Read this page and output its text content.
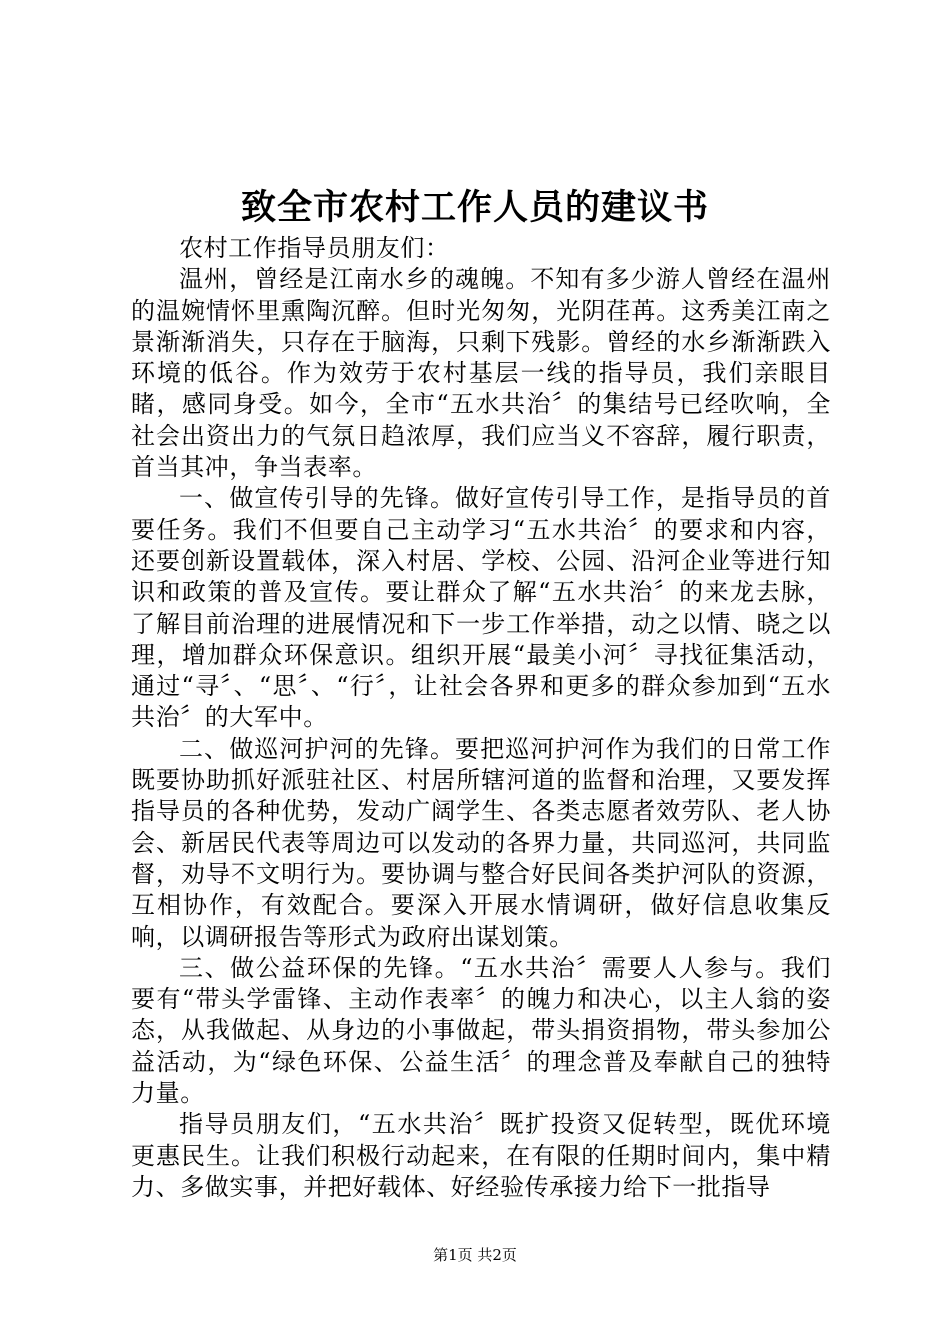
致全市农村工作人员的建议书

农村工作指导员朋友们：

温州，曾经是江南水乡的魂魄。不知有多少游人曾经在温州的温婉情怀里熏陶沉醉。但时光匆匆，光阴荏苒。这秀美江南之景渐渐消失，只存在于脑海，只剩下残影。曾经的水乡渐渐跌入环境的低谷。作为效劳于农村基层一线的指导员，我们亲眼目睹，感同身受。如今，全市“五水共治〞的集结号已经吹响，全社会出资出力的气氛日趋浓厚，我们应当义不容辞，履行职责，首当其冲，争当表率。

一、做宣传引导的先锋。做好宣传引导工作，是指导员的首要任务。我们不但要自己主动学习“五水共治〞的要求和内容，还要创新设置载体，深入村居、学校、公园、沿河企业等进行知识和政策的普及宣传。要让群众了解“五水共治〞的来龙去脉，了解目前治理的进展情况和下一步工作举措，动之以情、晓之以理，增加群众环保意识。组织开展“最美小河〞寻找征集活动，通过“寻〞、“思〞、“行〞，让社会各界和更多的群众参加到“五水共治〞的大军中。

二、做巡河护河的先锋。要把巡河护河作为我们的日常工作既要协助抓好派驻社区、村居所辖河道的监督和治理，又要发挥指导员的各种优势，发动广阔学生、各类志愿者效劳队、老人协会、新居民代表等周边可以发动的各界力量，共同巡河，共同监督，劝导不文明行为。要协调与整合好民间各类护河队的资源，互相协作，有效配合。要深入开展水情调研，做好信息收集反响，以调研报告等形式为政府出谋划策。

三、做公益环保的先锋。“五水共治〞需要人人参与。我们要有“带头学雷锋、主动作表率〞的魄力和决心，以主人翁的姿态，从我做起、从身边的小事做起，带头捐资捐物，带头参加公益活动，为“绿色环保、公益生活〞的理念普及奉献自己的独特力量。

指导员朋友们，“五水共治〞既扩投资又促转型，既优环境更惠民生。让我们积极行动起来，在有限的任期时间内，集中精力、多做实事，并把好载体、好经验传承接力给下一批指导

第1页 共2页
